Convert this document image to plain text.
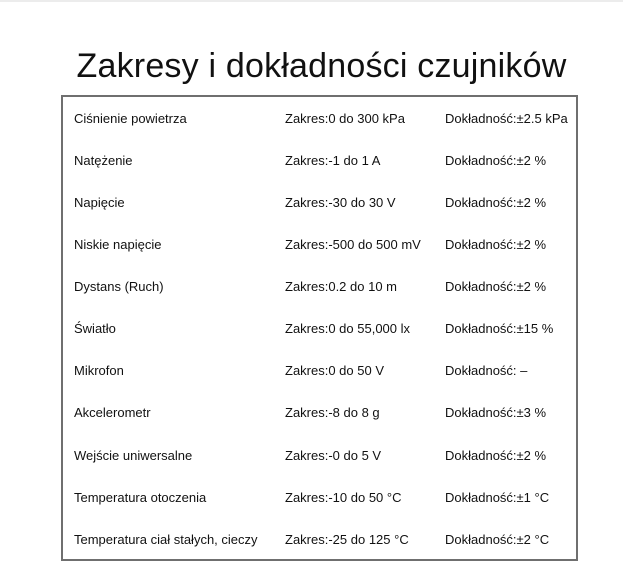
Zakresy i dokładności czujników
Ciśnienie powietrza	Zakres:0 do 300 kPa	Dokładność:±2.5 kPa
Natężenie	Zakres:-1 do 1 A	Dokładność:±2 %
Napięcie	Zakres:-30 do 30 V	Dokładność:±2 %
Niskie napięcie	Zakres:-500 do 500 mV Dokładność:±2 %
Dystans (Ruch)	Zakres:0.2 do 10 m	Dokładność:±2 %
Światło	Zakres:0 do 55,000 lx	Dokładność:±15 %
Mikrofon	Zakres:0 do 50 V	Dokładność: –
Akcelerometr	Zakres:-8 do 8 g	Dokładność:±3 %
Wejście uniwersalne	Zakres:-0 do 5 V	Dokładność:±2 %
Temperatura otoczenia	Zakres:-10 do 50 °C	Dokładność:±1 °C
Temperatura ciał stałych, cieczy Zakres:-25 do 125 °C	Dokładność:±2 °C
